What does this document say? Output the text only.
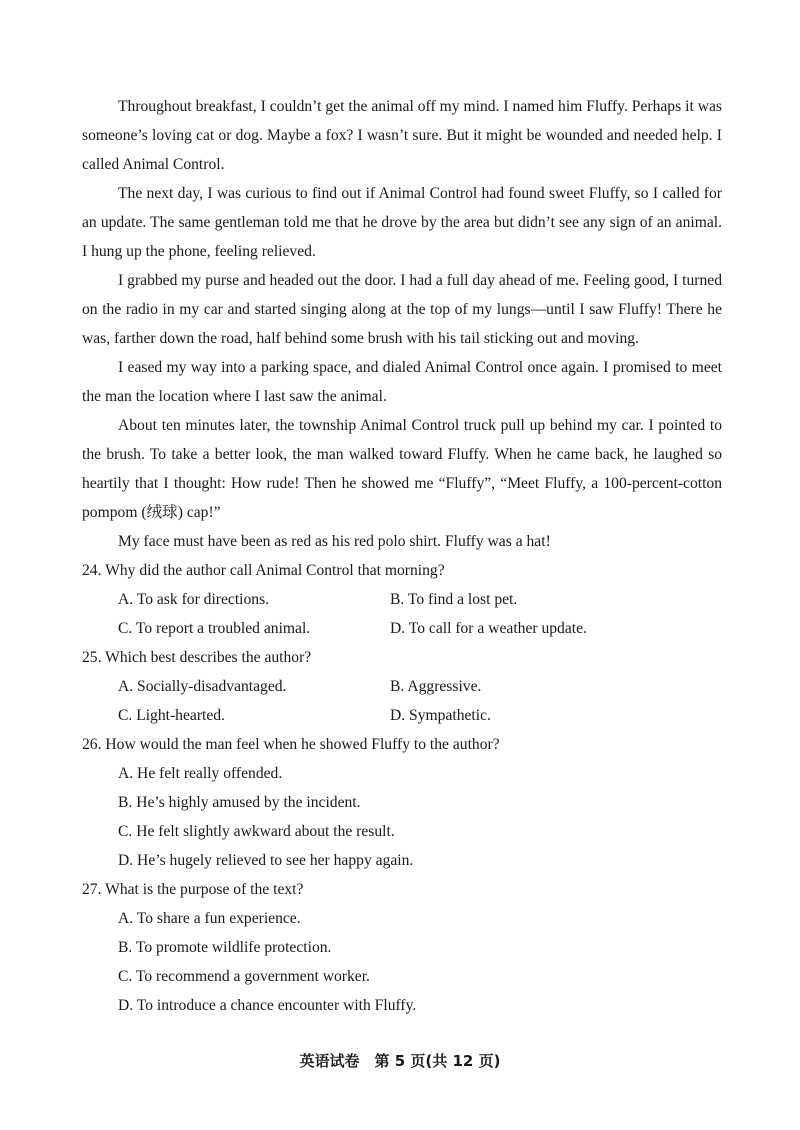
Throughout breakfast, I couldn’t get the animal off my mind. I named him Fluffy. Perhaps it was someone’s loving cat or dog. Maybe a fox? I wasn’t sure. But it might be wounded and needed help. I called Animal Control.

The next day, I was curious to find out if Animal Control had found sweet Fluffy, so I called for an update. The same gentleman told me that he drove by the area but didn’t see any sign of an animal. I hung up the phone, feeling relieved.

I grabbed my purse and headed out the door. I had a full day ahead of me. Feeling good, I turned on the radio in my car and started singing along at the top of my lungs—until I saw Fluffy! There he was, farther down the road, half behind some brush with his tail sticking out and moving.

I eased my way into a parking space, and dialed Animal Control once again. I promised to meet the man the location where I last saw the animal.

About ten minutes later, the township Animal Control truck pull up behind my car. I pointed to the brush. To take a better look, the man walked toward Fluffy. When he came back, he laughed so heartily that I thought: How rude! Then he showed me “Fluffy”, “Meet Fluffy, a 100-percent-cotton pompom (绒球) cap!”

My face must have been as red as his red polo shirt. Fluffy was a hat!

24. Why did the author call Animal Control that morning?

A. To ask for directions.	B. To find a lost pet.
C. To report a troubled animal.	D. To call for a weather update.

25. Which best describes the author?

A. Socially-disadvantaged.	B. Aggressive.
C. Light-hearted.	D. Sympathetic.

26. How would the man feel when he showed Fluffy to the author?

A. He felt really offended.
B. He’s highly amused by the incident.
C. He felt slightly awkward about the result.
D. He’s hugely relieved to see her happy again.

27. What is the purpose of the text?

A. To share a fun experience.
B. To promote wildlife protection.
C. To recommend a government worker.
D. To introduce a chance encounter with Fluffy.
英语试卷　第 5 页(共 12 页)
